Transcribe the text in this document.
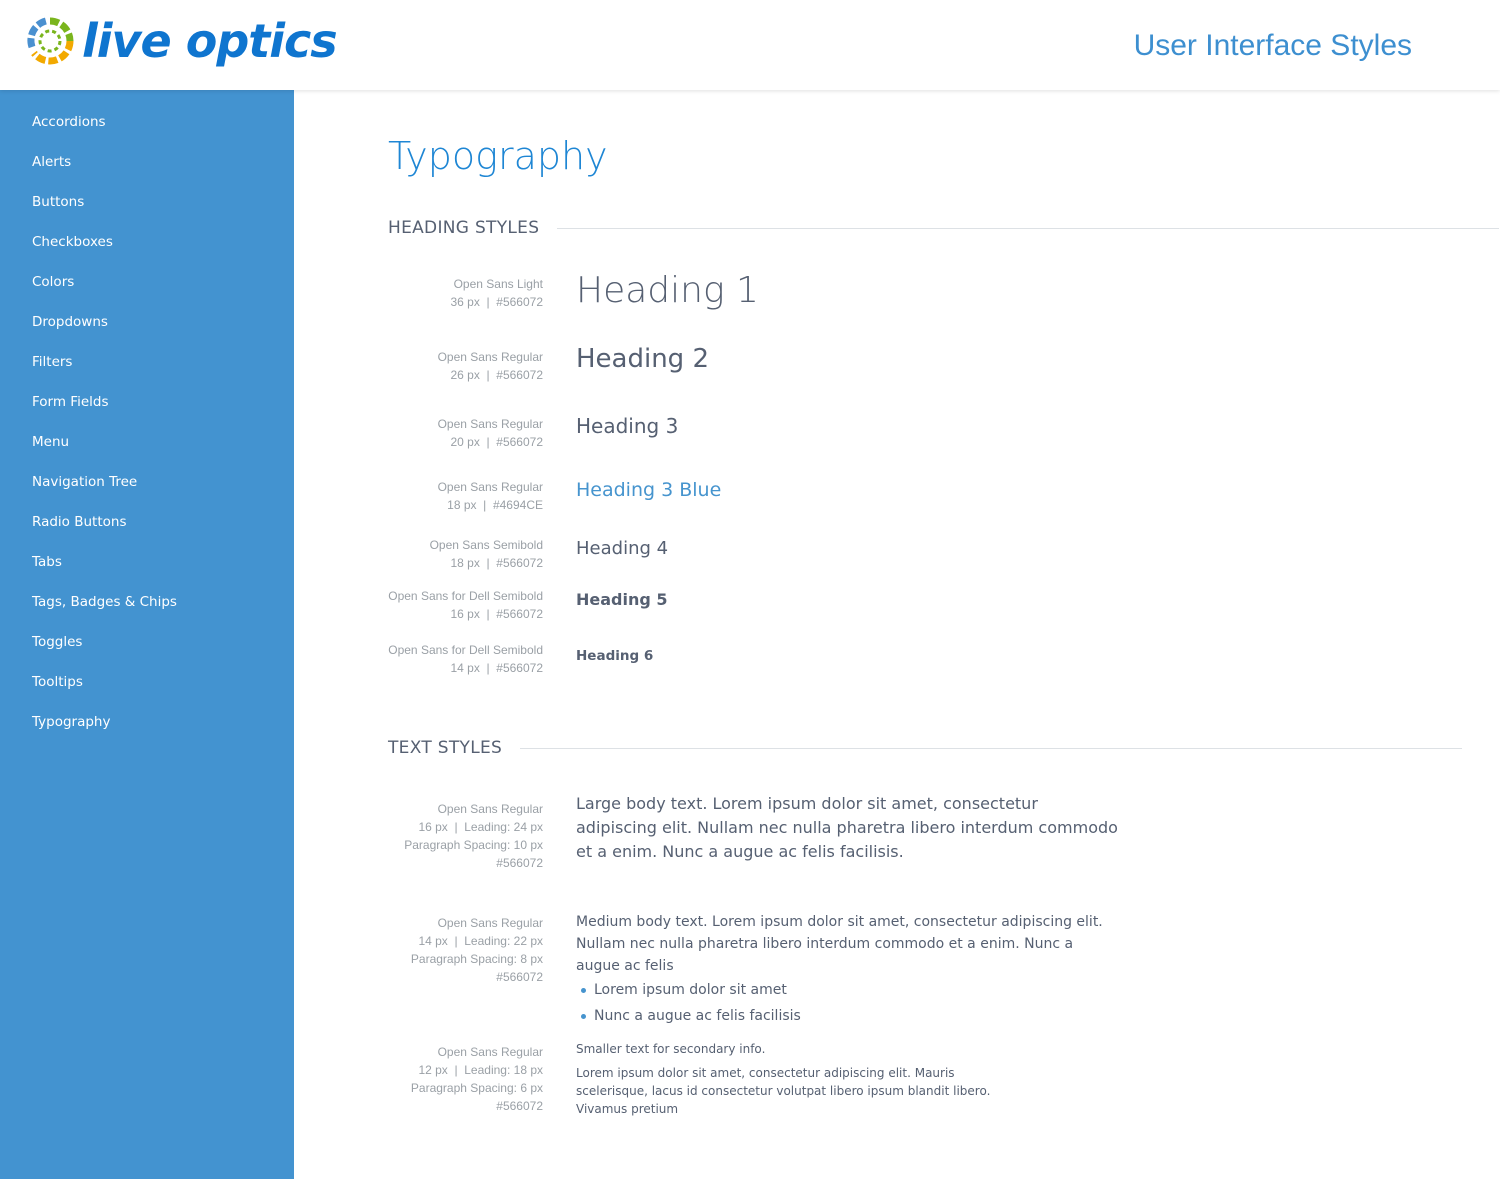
live optics	User Interface Styles
Accordions
Alerts
Buttons
Checkboxes
Colors
Dropdowns
Filters
Form Fields
Menu
Navigation Tree
Radio Buttons
Tabs
Tags, Badges & Chips
Toggles
Tooltips
Typography
Typography
HEADING STYLES
Open Sans Light
36 px  |  #566072 Heading 1
Open Sans Regular
26 px  |  #566072
Heading 2
Open Sans Regular
20 px  |  #566072
Heading 3
Open Sans Regular
18 px  |  #4694CE
Heading 3 Blue
Open Sans Semibold
18 px  |  #566072
Heading 4
Open Sans for Dell Semibold
16 px  |  #566072
Heading 5
Open Sans for Dell Semibold
14 px  |  #566072
Heading 6
TEXT STYLES
Open Sans Regular
16 px  |  Leading: 24 px
Paragraph Spacing: 10 px
#566072
Large body text. Lorem ipsum dolor sit amet, consectetur adipiscing elit. Nullam nec nulla pharetra libero interdum commodo et a enim. Nunc a augue ac felis facilisis.
Open Sans Regular
14 px  |  Leading: 22 px
Paragraph Spacing: 8 px
#566072
Medium body text. Lorem ipsum dolor sit amet, consectetur adipiscing elit. Nullam nec nulla pharetra libero interdum commodo et a enim. Nunc a augue ac felis
Lorem ipsum dolor sit amet
Nunc a augue ac felis facilisis
Open Sans Regular
12 px  |  Leading: 18 px
Paragraph Spacing: 6 px
#566072
Smaller text for secondary info.
Lorem ipsum dolor sit amet, consectetur adipiscing elit. Mauris scelerisque, lacus id consectetur volutpat libero ipsum blandit libero. Vivamus pretium
